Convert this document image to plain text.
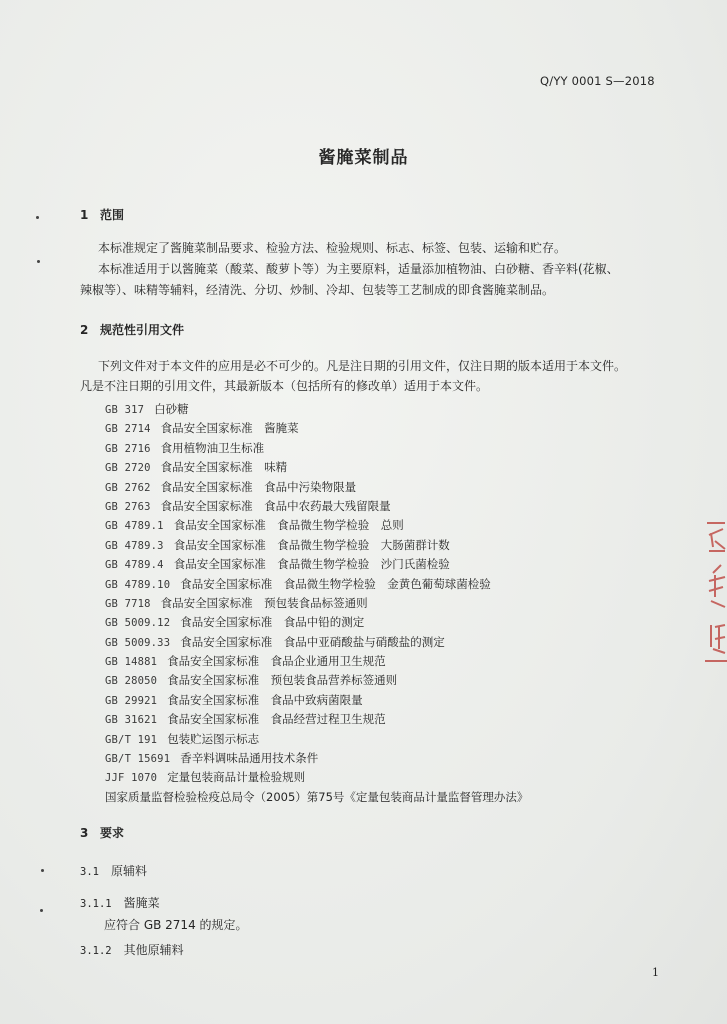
Q/YY 0001 S—2018
酱腌菜制品
1 范围
本标准规定了酱腌菜制品要求、检验方法、检验规则、标志、标签、包装、运输和贮存。
本标准适用于以酱腌菜（酸菜、酸萝卜等）为主要原料，适量添加植物油、白砂糖、香辛料(花椒、
辣椒等）、味精等辅料，经清洗、分切、炒制、冷却、包装等工艺制成的即食酱腌菜制品。
2 规范性引用文件
下列文件对于本文件的应用是必不可少的。凡是注日期的引用文件，仅注日期的版本适用于本文件。
凡是不注日期的引用文件，其最新版本（包括所有的修改单）适用于本文件。
GB 317 白砂糖
GB 2714 食品安全国家标准　酱腌菜
GB 2716 食用植物油卫生标准
GB 2720 食品安全国家标准　味精
GB 2762 食品安全国家标准　食品中污染物限量
GB 2763 食品安全国家标准　食品中农药最大残留限量
GB 4789.1 食品安全国家标准　食品微生物学检验　总则
GB 4789.3 食品安全国家标准　食品微生物学检验　大肠菌群计数
GB 4789.4 食品安全国家标准　食品微生物学检验　沙门氏菌检验
GB 4789.10 食品安全国家标准　食品微生物学检验　金黄色葡萄球菌检验
GB 7718 食品安全国家标准　预包装食品标签通则
GB 5009.12 食品安全国家标准　食品中铅的测定
GB 5009.33 食品安全国家标准　食品中亚硝酸盐与硝酸盐的测定
GB 14881 食品安全国家标准　食品企业通用卫生规范
GB 28050 食品安全国家标准　预包装食品营养标签通则
GB 29921 食品安全国家标准　食品中致病菌限量
GB 31621 食品安全国家标准　食品经营过程卫生规范
GB/T 191 包装贮运图示标志
GB/T 15691 香辛料调味品通用技术条件
JJF 1070 定量包装商品计量检验规则
国家质量监督检验检疫总局令（2005）第75号《定量包装商品计量监督管理办法》
3 要求
3.1 原辅料
3.1.1 酱腌菜
应符合 GB 2714 的规定。
3.1.2 其他原辅料
1
